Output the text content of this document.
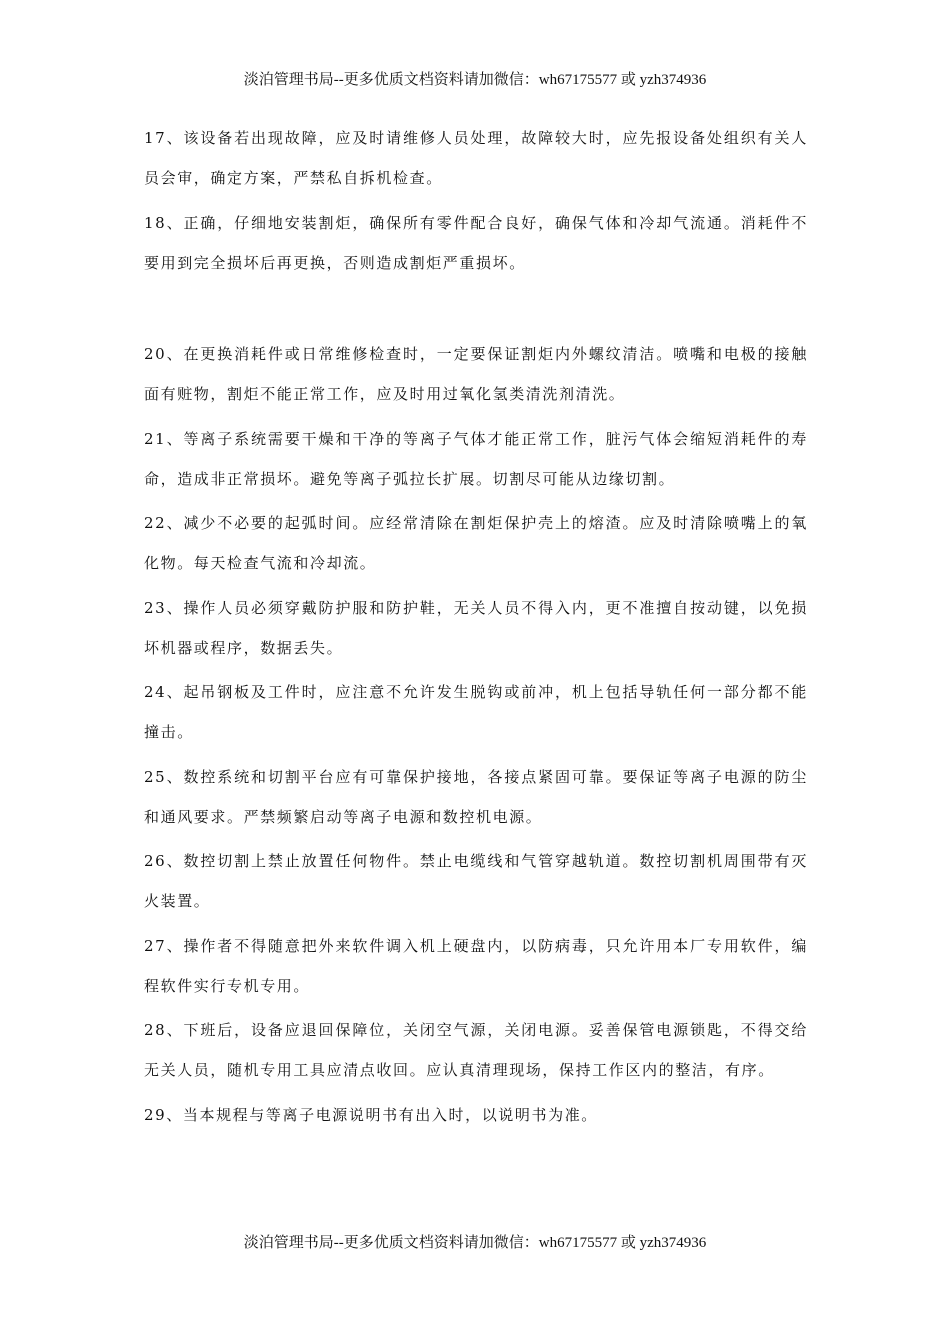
淡泊管理书局--更多优质文档资料请加微信：wh67175577 或 yzh374936
17、该设备若出现故障，应及时请维修人员处理，故障较大时，应先报设备处组织有关人员会审，确定方案，严禁私自拆机检查。
18、正确，仔细地安装割炬，确保所有零件配合良好，确保气体和冷却气流通。消耗件不要用到完全损坏后再更换，否则造成割炬严重损坏。
20、在更换消耗件或日常维修检查时，一定要保证割炬内外螺纹清洁。喷嘴和电极的接触面有赃物，割炬不能正常工作，应及时用过氧化氢类清洗剂清洗。
21、等离子系统需要干燥和干净的等离子气体才能正常工作，脏污气体会缩短消耗件的寿命，造成非正常损坏。避免等离子弧拉长扩展。切割尽可能从边缘切割。
22、减少不必要的起弧时间。应经常清除在割炬保护壳上的熔渣。应及时清除喷嘴上的氧化物。每天检查气流和冷却流。
23、操作人员必须穿戴防护服和防护鞋，无关人员不得入内，更不准擅自按动键，以免损坏机器或程序，数据丢失。
24、起吊钢板及工件时，应注意不允许发生脱钩或前冲，机上包括导轨任何一部分都不能撞击。
25、数控系统和切割平台应有可靠保护接地，各接点紧固可靠。要保证等离子电源的防尘和通风要求。严禁频繁启动等离子电源和数控机电源。
26、数控切割上禁止放置任何物件。禁止电缆线和气管穿越轨道。数控切割机周围带有灭火装置。
27、操作者不得随意把外来软件调入机上硬盘内，以防病毒，只允许用本厂专用软件，编程软件实行专机专用。
28、下班后，设备应退回保障位，关闭空气源，关闭电源。妥善保管电源锁匙，不得交给无关人员，随机专用工具应清点收回。应认真清理现场，保持工作区内的整洁，有序。
29、当本规程与等离子电源说明书有出入时，以说明书为准。
淡泊管理书局--更多优质文档资料请加微信：wh67175577 或 yzh374936
